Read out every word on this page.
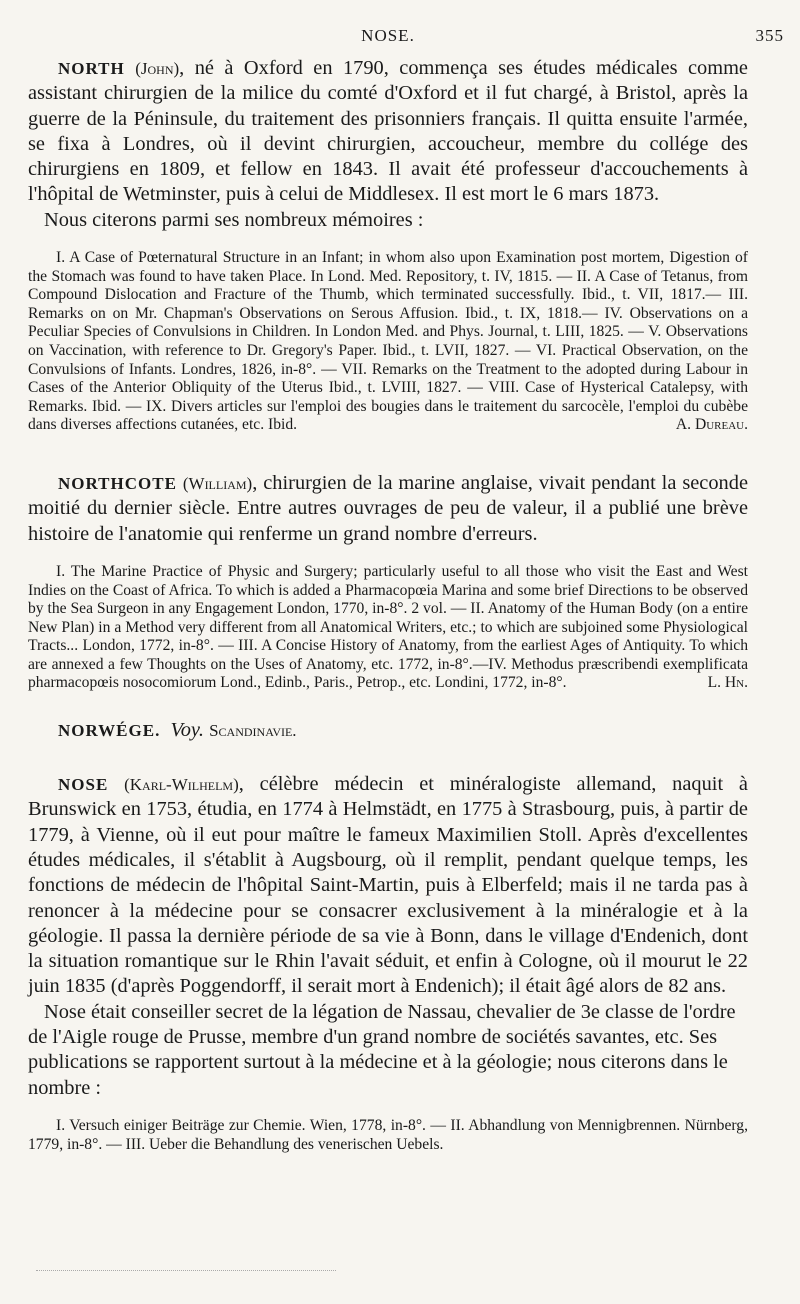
NOSE.	355

NORTH (John), né à Oxford en 1790, commença ses études médicales comme assistant chirurgien de la milice du comté d'Oxford et il fut chargé, à Bristol, après la guerre de la Péninsule, du traitement des prisonniers français. Il quitta ensuite l'armée, se fixa à Londres, où il devint chirurgien, accoucheur, membre du collége des chirurgiens en 1809, et fellow en 1843. Il avait été professeur d'accouchements à l'hôpital de Wetminster, puis à celui de Middlesex. Il est mort le 6 mars 1873.

Nous citerons parmi ses nombreux mémoires :

I. A Case of Pœternatural Structure in an Infant; in whom also upon Examination post mortem, Digestion of the Stomach was found to have taken Place. In Lond. Med. Repository, t. IV, 1815. — II. A Case of Tetanus, from Compound Dislocation and Fracture of the Thumb, which terminated successfully. Ibid., t. VII, 1817.— III. Remarks on on Mr. Chapman's Observations on Serous Affusion. Ibid., t. IX, 1818.— IV. Observations on a Peculiar Species of Convulsions in Children. In London Med. and Phys. Journal, t. LIII, 1825. — V. Observations on Vaccination, with reference to Dr. Gregory's Paper. Ibid., t. LVII, 1827. — VI. Practical Observation, on the Convulsions of Infants. Londres, 1826, in-8°. — VII. Remarks on the Treatment to the adopted during Labour in Cases of the Anterior Obliquity of the Uterus Ibid., t. LVIII, 1827. — VIII. Case of Hysterical Catalepsy, with Remarks. Ibid. — IX. Divers articles sur l'emploi des bougies dans le traitement du sarcocèle, l'emploi du cubèbe dans diverses affections cutanées, etc. Ibid.	A. Dureau.

NORTHCOTE (William), chirurgien de la marine anglaise, vivait pendant la seconde moitié du dernier siècle. Entre autres ouvrages de peu de valeur, il a publié une brève histoire de l'anatomie qui renferme un grand nombre d'erreurs.

I. The Marine Practice of Physic and Surgery; particularly useful to all those who visit the East and West Indies on the Coast of Africa. To which is added a Pharmacopœia Marina and some brief Directions to be observed by the Sea Surgeon in any Engagement London, 1770, in-8°. 2 vol. — II. Anatomy of the Human Body (on a entire New Plan) in a Method very different from all Anatomical Writers, etc.; to which are subjoined some Physiological Tracts... London, 1772, in-8°. — III. A Concise History of Anatomy, from the earliest Ages of Antiquity. To which are annexed a few Thoughts on the Uses of Anatomy, etc. 1772, in-8°.—IV. Methodus præscribendi exemplificata pharmacopœis nosocomiorum Lond., Edinb., Paris., Petrop., etc. Londini, 1772, in-8°.	L. Hn.

NORWÉGE. Voy. Scandinavie.

NOSE (Karl-Wilhelm), célèbre médecin et minéralogiste allemand, naquit à Brunswick en 1753, étudia, en 1774 à Helmstädt, en 1775 à Strasbourg, puis, à partir de 1779, à Vienne, où il eut pour maître le fameux Maximilien Stoll. Après d'excellentes études médicales, il s'établit à Augsbourg, où il remplit, pendant quelque temps, les fonctions de médecin de l'hôpital Saint-Martin, puis à Elberfeld; mais il ne tarda pas à renoncer à la médecine pour se consacrer exclusivement à la minéralogie et à la géologie. Il passa la dernière période de sa vie à Bonn, dans le village d'Endenich, dont la situation romantique sur le Rhin l'avait séduit, et enfin à Cologne, où il mourut le 22 juin 1835 (d'après Poggendorff, il serait mort à Endenich); il était âgé alors de 82 ans.

Nose était conseiller secret de la légation de Nassau, chevalier de 3e classe de l'ordre de l'Aigle rouge de Prusse, membre d'un grand nombre de sociétés savantes, etc. Ses publications se rapportent surtout à la médecine et à la géologie; nous citerons dans le nombre :

I. Versuch einiger Beiträge zur Chemie. Wien, 1778, in-8°. — II. Abhandlung von Mennigbrennen. Nürnberg, 1779, in-8°. — III. Ueber die Behandlung des venerischen Uebels.
